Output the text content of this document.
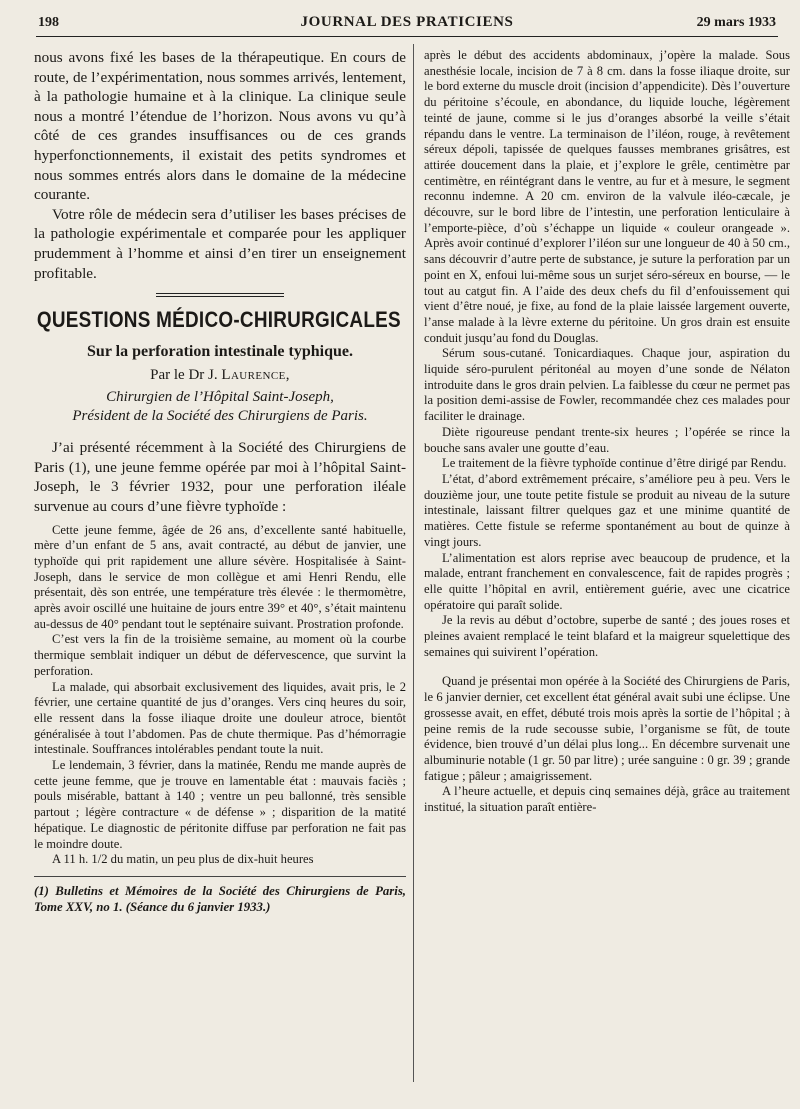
198	JOURNAL DES PRATICIENS	29 mars 1933

nous avons fixé les bases de la thérapeutique. En cours de route, de l’expérimentation, nous sommes arrivés, lentement, à la pathologie humaine et à la clinique. La clinique seule nous a montré l’étendue de l’horizon. Nous avons vu qu’à côté de ces grandes insuffisances ou de ces grands hyperfonctionnements, il existait des petits syndromes et nous sommes entrés alors dans le domaine de la médecine courante.

Votre rôle de médecin sera d’utiliser les bases précises de la pathologie expérimentale et comparée pour les appliquer prudemment à l’homme et ainsi d’en tirer un enseignement profitable.

QUESTIONS MÉDICO-CHIRURGICALES
Sur la perforation intestinale typhique.
Par le Dr J. Laurence,
Chirurgien de l’Hôpital Saint-Joseph,
Président de la Société des Chirurgiens de Paris.

J’ai présenté récemment à la Société des Chirurgiens de Paris (1), une jeune femme opérée par moi à l’hôpital Saint-Joseph, le 3 février 1932, pour une perforation iléale survenue au cours d’une fièvre typhoïde :

Cette jeune femme, âgée de 26 ans, d’excellente santé habituelle, mère d’un enfant de 5 ans, avait contracté, au début de janvier, une typhoïde qui prit rapidement une allure sévère. Hospitalisée à Saint-Joseph, dans le service de mon collègue et ami Henri Rendu, elle présentait, dès son entrée, une température très élevée : le thermomètre, après avoir oscillé une huitaine de jours entre 39° et 40°, s’était maintenu au-dessus de 40° pendant tout le septénaire suivant. Prostration profonde.

C’est vers la fin de la troisième semaine, au moment où la courbe thermique semblait indiquer un début de défervescence, que survint la perforation.

La malade, qui absorbait exclusivement des liquides, avait pris, le 2 février, une certaine quantité de jus d’oranges. Vers cinq heures du soir, elle ressent dans la fosse iliaque droite une douleur atroce, bientôt généralisée à tout l’abdomen. Pas de chute thermique. Pas d’hémorragie intestinale. Souffrances intolérables pendant toute la nuit.

Le lendemain, 3 février, dans la matinée, Rendu me mande auprès de cette jeune femme, que je trouve en lamentable état : mauvais faciès ; pouls misérable, battant à 140 ; ventre un peu ballonné, très sensible partout ; légère contracture « de défense » ; disparition de la matité hépatique. Le diagnostic de péritonite diffuse par perforation ne fait pas le moindre doute.

A 11 h. 1/2 du matin, un peu plus de dix-huit heures

(1) Bulletins et Mémoires de la Société des Chirurgiens de Paris, Tome XXV, no 1. (Séance du 6 janvier 1933.)

après le début des accidents abdominaux, j’opère la malade. Sous anesthésie locale, incision de 7 à 8 cm. dans la fosse iliaque droite, sur le bord externe du muscle droit (incision d’appendicite). Dès l’ouverture du péritoine s’écoule, en abondance, du liquide louche, légèrement teinté de jaune, comme si le jus d’oranges absorbé la veille s’était répandu dans le ventre. La terminaison de l’iléon, rouge, à revêtement séreux dépoli, tapissée de quelques fausses membranes grisâtres, est attirée doucement dans la plaie, et j’explore le grêle, centimètre par centimètre, en réintégrant dans le ventre, au fur et à mesure, le segment reconnu indemne. A 20 cm. environ de la valvule iléo-cæcale, je découvre, sur le bord libre de l’intestin, une perforation lenticulaire à l’emporte-pièce, d’où s’échappe un liquide « couleur orangeade ». Après avoir continué d’explorer l’iléon sur une longueur de 40 à 50 cm., sans découvrir d’autre perte de substance, je suture la perforation par un point en X, enfoui lui-même sous un surjet séro-séreux en bourse, — le tout au catgut fin. A l’aide des deux chefs du fil d’enfouissement qui vient d’être noué, je fixe, au fond de la plaie laissée largement ouverte, l’anse malade à la lèvre externe du péritoine. Un gros drain est ensuite conduit jusqu’au fond du Douglas.

Sérum sous-cutané. Tonicardiaques. Chaque jour, aspiration du liquide séro-purulent péritonéal au moyen d’une sonde de Nélaton introduite dans le gros drain pelvien. La faiblesse du cœur ne permet pas la position demi-assise de Fowler, recommandée chez ces malades pour faciliter le drainage.

Diète rigoureuse pendant trente-six heures ; l’opérée se rince la bouche sans avaler une goutte d’eau.

Le traitement de la fièvre typhoïde continue d’être dirigé par Rendu.

L’état, d’abord extrêmement précaire, s’améliore peu à peu. Vers le douzième jour, une toute petite fistule se produit au niveau de la suture intestinale, laissant filtrer quelques gaz et une minime quantité de matières. Cette fistule se referme spontanément au bout de quinze à vingt jours.

L’alimentation est alors reprise avec beaucoup de prudence, et la malade, entrant franchement en convalescence, fait de rapides progrès ; elle quitte l’hôpital en avril, entièrement guérie, avec une cicatrice opératoire qui paraît solide.

Je la revis au début d’octobre, superbe de santé ; des joues roses et pleines avaient remplacé le teint blafard et la maigreur squelettique des semaines qui suivirent l’opération.

Quand je présentai mon opérée à la Société des Chirurgiens de Paris, le 6 janvier dernier, cet excellent état général avait subi une éclipse. Une grossesse avait, en effet, débuté trois mois après la sortie de l’hôpital ; à peine remis de la rude secousse subie, l’organisme se fût, de toute évidence, bien trouvé d’un délai plus long... En décembre survenait une albuminurie notable (1 gr. 50 par litre) ; urée sanguine : 0 gr. 39 ; grande fatigue ; pâleur ; amaigrissement.

A l’heure actuelle, et depuis cinq semaines déjà, grâce au traitement institué, la situation paraît entière-
